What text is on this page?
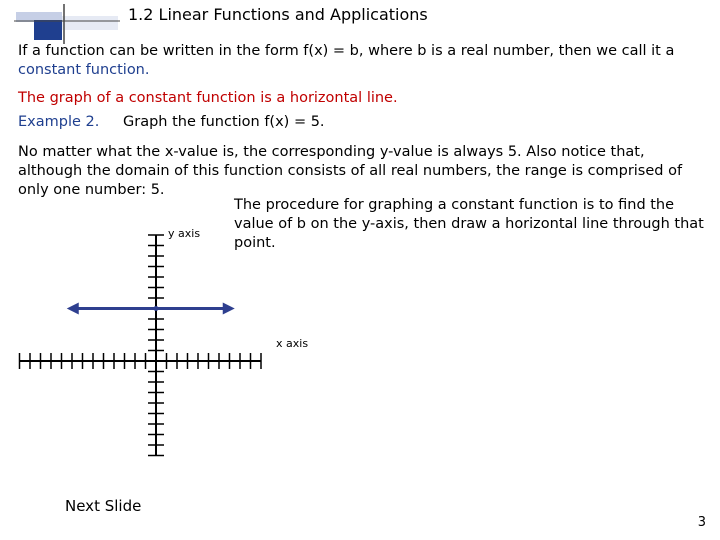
1.2 Linear Functions and Applications
If a function can be written in the form f(x) = b, where b is a real number, then we call it a
constant function.
The graph of a constant function is a horizontal line.
Example 2. Graph the function f(x) = 5.
No matter what the x-value is, the corresponding y-value is always 5. Also notice that,
although the domain of this function consists of all real numbers, the range is comprised of
only one number: 5.
The procedure for graphing a constant function is to find the
value of b on the y-axis, then draw a horizontal line through that
point.
y axis
x axis
Next Slide
3
